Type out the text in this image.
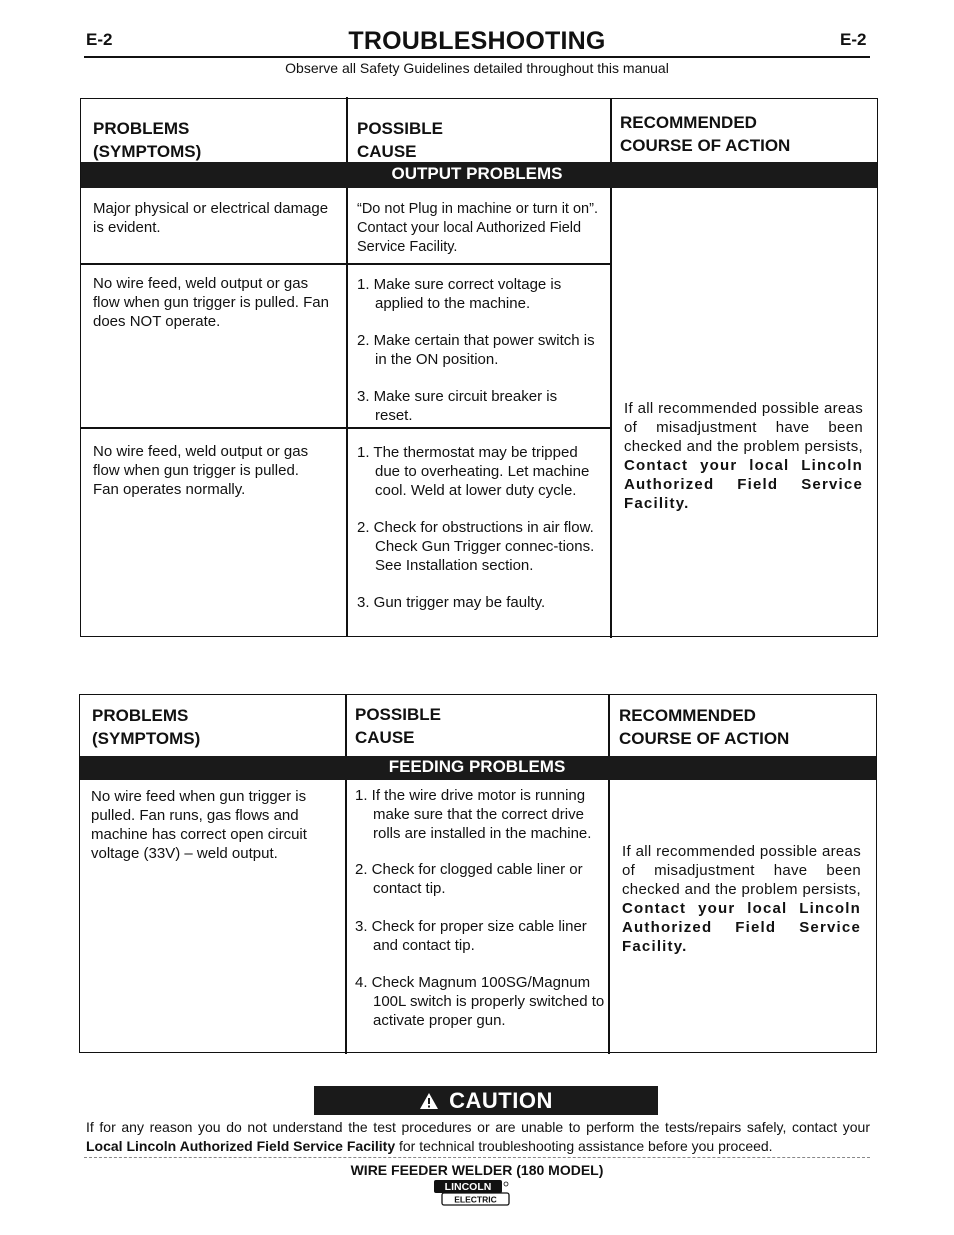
E-2	TROUBLESHOOTING	E-2
Observe all Safety Guidelines detailed throughout this manual
PROBLEMS
(SYMPTOMS)
POSSIBLE
CAUSE
RECOMMENDED
COURSE OF ACTION
OUTPUT PROBLEMS
Major physical or electrical damage
is evident.
“Do not Plug in machine or turn it on”.
Contact your local Authorized Field
Service Facility.
No wire feed, weld output or gas
flow when gun trigger is pulled. Fan
does NOT operate.
1. Make sure correct voltage is applied to the machine.
2. Make certain that power switch is in the ON position.
3. Make sure circuit breaker is reset.
No wire feed, weld output or gas
flow when gun trigger is pulled.
Fan operates normally.
1. The thermostat may be tripped due to overheating. Let machine cool. Weld at lower duty cycle.
2. Check for obstructions in air flow. Check Gun Trigger connec-tions. See Installation section.
3. Gun trigger may be faulty.
If all recommended possible areas of misadjustment have been checked and the problem persists, Contact your local Lincoln Authorized Field Service Facility.
PROBLEMS
(SYMPTOMS)
POSSIBLE
CAUSE
RECOMMENDED
COURSE OF ACTION
FEEDING PROBLEMS
No wire feed when gun trigger is
pulled. Fan runs, gas flows and
machine has correct open circuit
voltage (33V) – weld output.
1. If the wire drive motor is running make sure that the correct drive rolls are installed in the machine.
2. Check for clogged cable liner or contact tip.
3. Check for proper size cable liner and contact tip.
4. Check Magnum 100SG/Magnum 100L switch is properly switched to activate proper gun.
If all recommended possible areas of misadjustment have been checked and the problem persists, Contact your local Lincoln Authorized Field Service Facility.
CAUTION
If for any reason you do not understand the test procedures or are unable to perform the tests/repairs safely, contact your Local Lincoln Authorized Field Service Facility for technical troubleshooting assistance before you proceed.
WIRE FEEDER WELDER (180 MODEL)
LINCOLN
ELECTRIC
